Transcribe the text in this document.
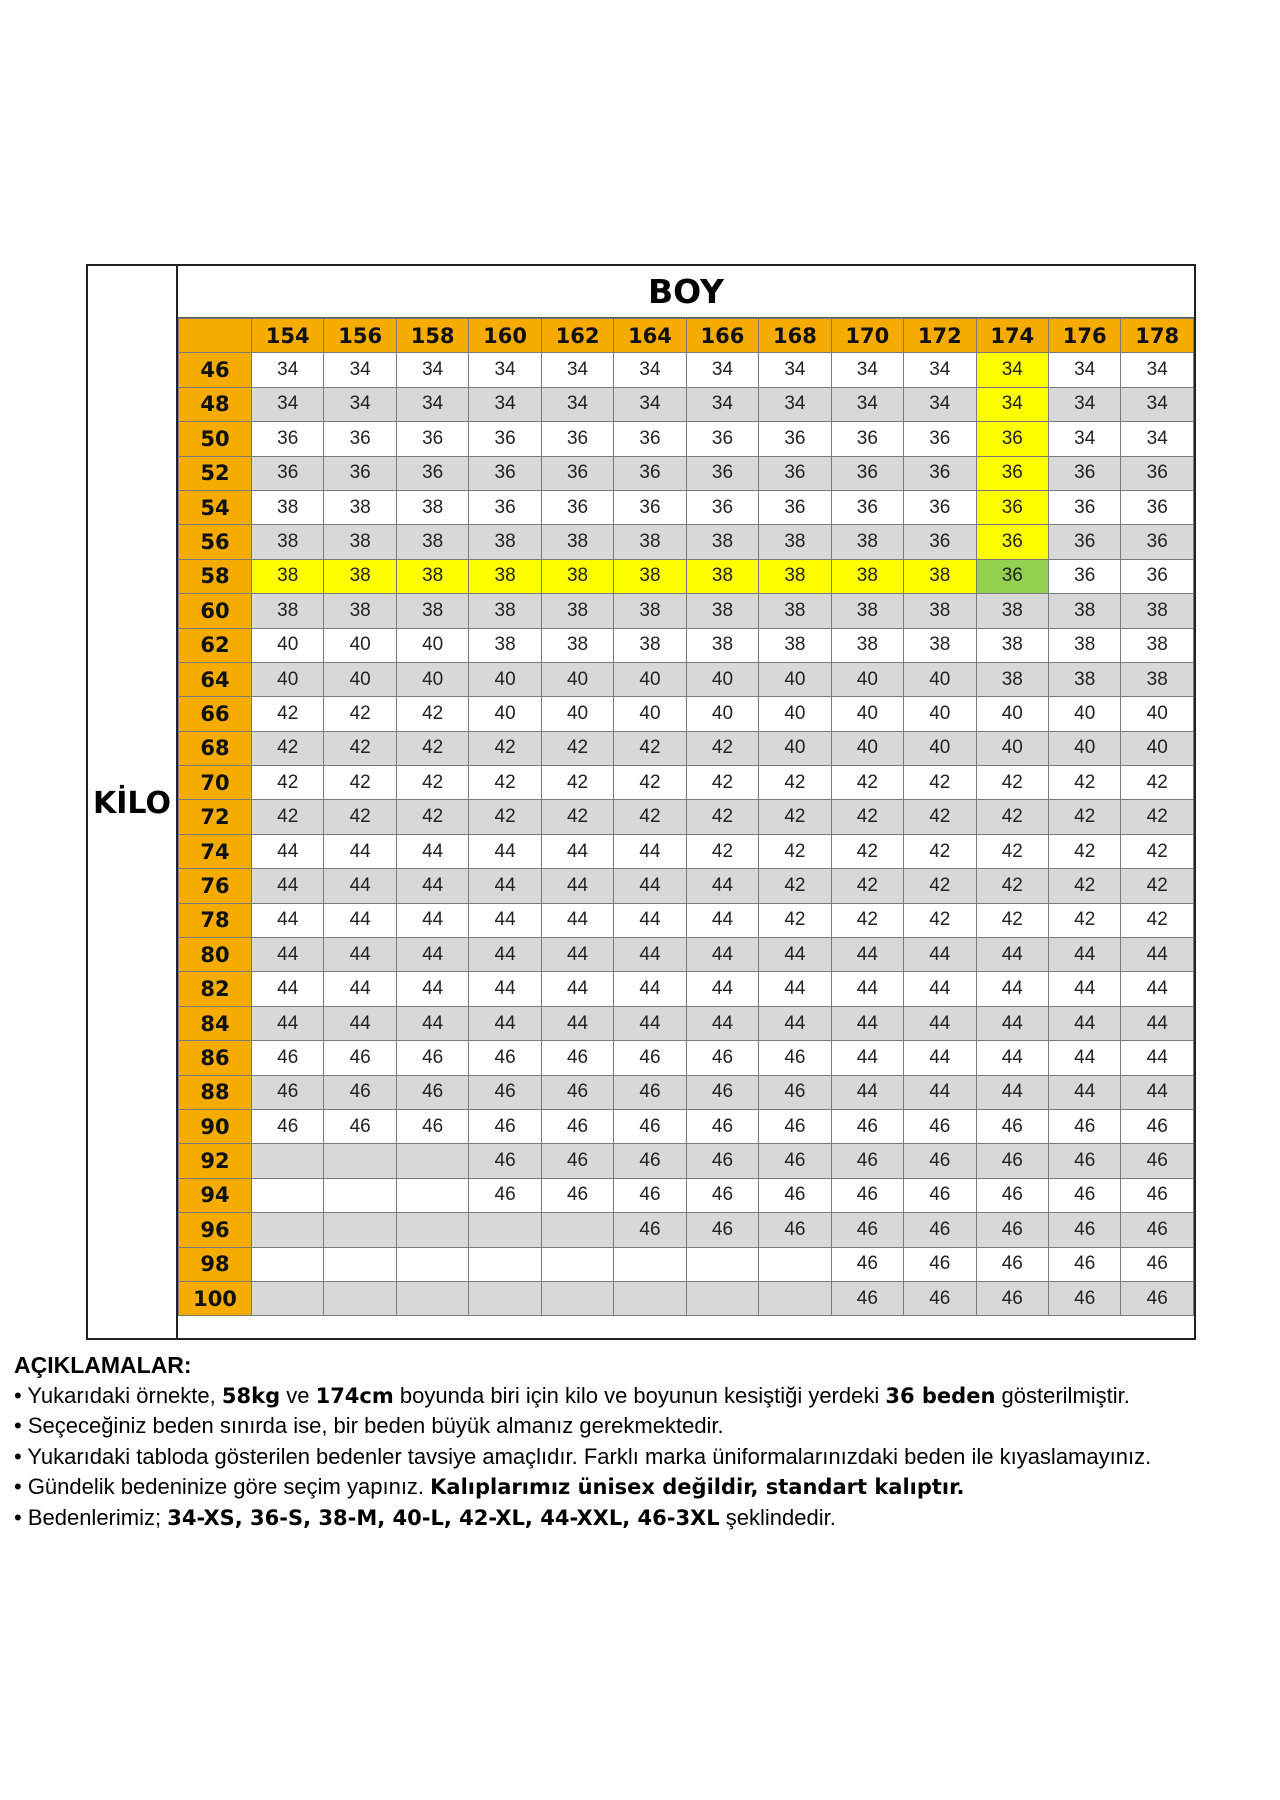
KİLO
BOY
	154	156	158	160	162	164	166	168	170	172	174	176	178
46	34	34	34	34	34	34	34	34	34	34	34	34	34
48	34	34	34	34	34	34	34	34	34	34	34	34	34
50	36	36	36	36	36	36	36	36	36	36	36	34	34
52	36	36	36	36	36	36	36	36	36	36	36	36	36
54	38	38	38	36	36	36	36	36	36	36	36	36	36
56	38	38	38	38	38	38	38	38	38	36	36	36	36
58	38	38	38	38	38	38	38	38	38	38	36	36	36
60	38	38	38	38	38	38	38	38	38	38	38	38	38
62	40	40	40	38	38	38	38	38	38	38	38	38	38
64	40	40	40	40	40	40	40	40	40	40	38	38	38
66	42	42	42	40	40	40	40	40	40	40	40	40	40
68	42	42	42	42	42	42	42	40	40	40	40	40	40
70	42	42	42	42	42	42	42	42	42	42	42	42	42
72	42	42	42	42	42	42	42	42	42	42	42	42	42
74	44	44	44	44	44	44	42	42	42	42	42	42	42
76	44	44	44	44	44	44	44	42	42	42	42	42	42
78	44	44	44	44	44	44	44	42	42	42	42	42	42
80	44	44	44	44	44	44	44	44	44	44	44	44	44
82	44	44	44	44	44	44	44	44	44	44	44	44	44
84	44	44	44	44	44	44	44	44	44	44	44	44	44
86	46	46	46	46	46	46	46	46	44	44	44	44	44
88	46	46	46	46	46	46	46	46	44	44	44	44	44
90	46	46	46	46	46	46	46	46	46	46	46	46	46
92				46	46	46	46	46	46	46	46	46	46
94				46	46	46	46	46	46	46	46	46	46
96						46	46	46	46	46	46	46	46
98									46	46	46	46	46
100									46	46	46	46	46
AÇIKLAMALAR:
• Yukarıdaki örnekte, 58kg ve 174cm boyunda biri için kilo ve boyunun kesiştiği yerdeki 36 beden gösterilmiştir.
• Seçeceğiniz beden sınırda ise, bir beden büyük almanız gerekmektedir.
• Yukarıdaki tabloda gösterilen bedenler tavsiye amaçlıdır. Farklı marka üniformalarınızdaki beden ile kıyaslamayınız.
• Gündelik bedeninize göre seçim yapınız. Kalıplarımız ünisex değildir, standart kalıptır.
• Bedenlerimiz; 34-XS, 36-S, 38-M, 40-L, 42-XL, 44-XXL, 46-3XL şeklindedir.
